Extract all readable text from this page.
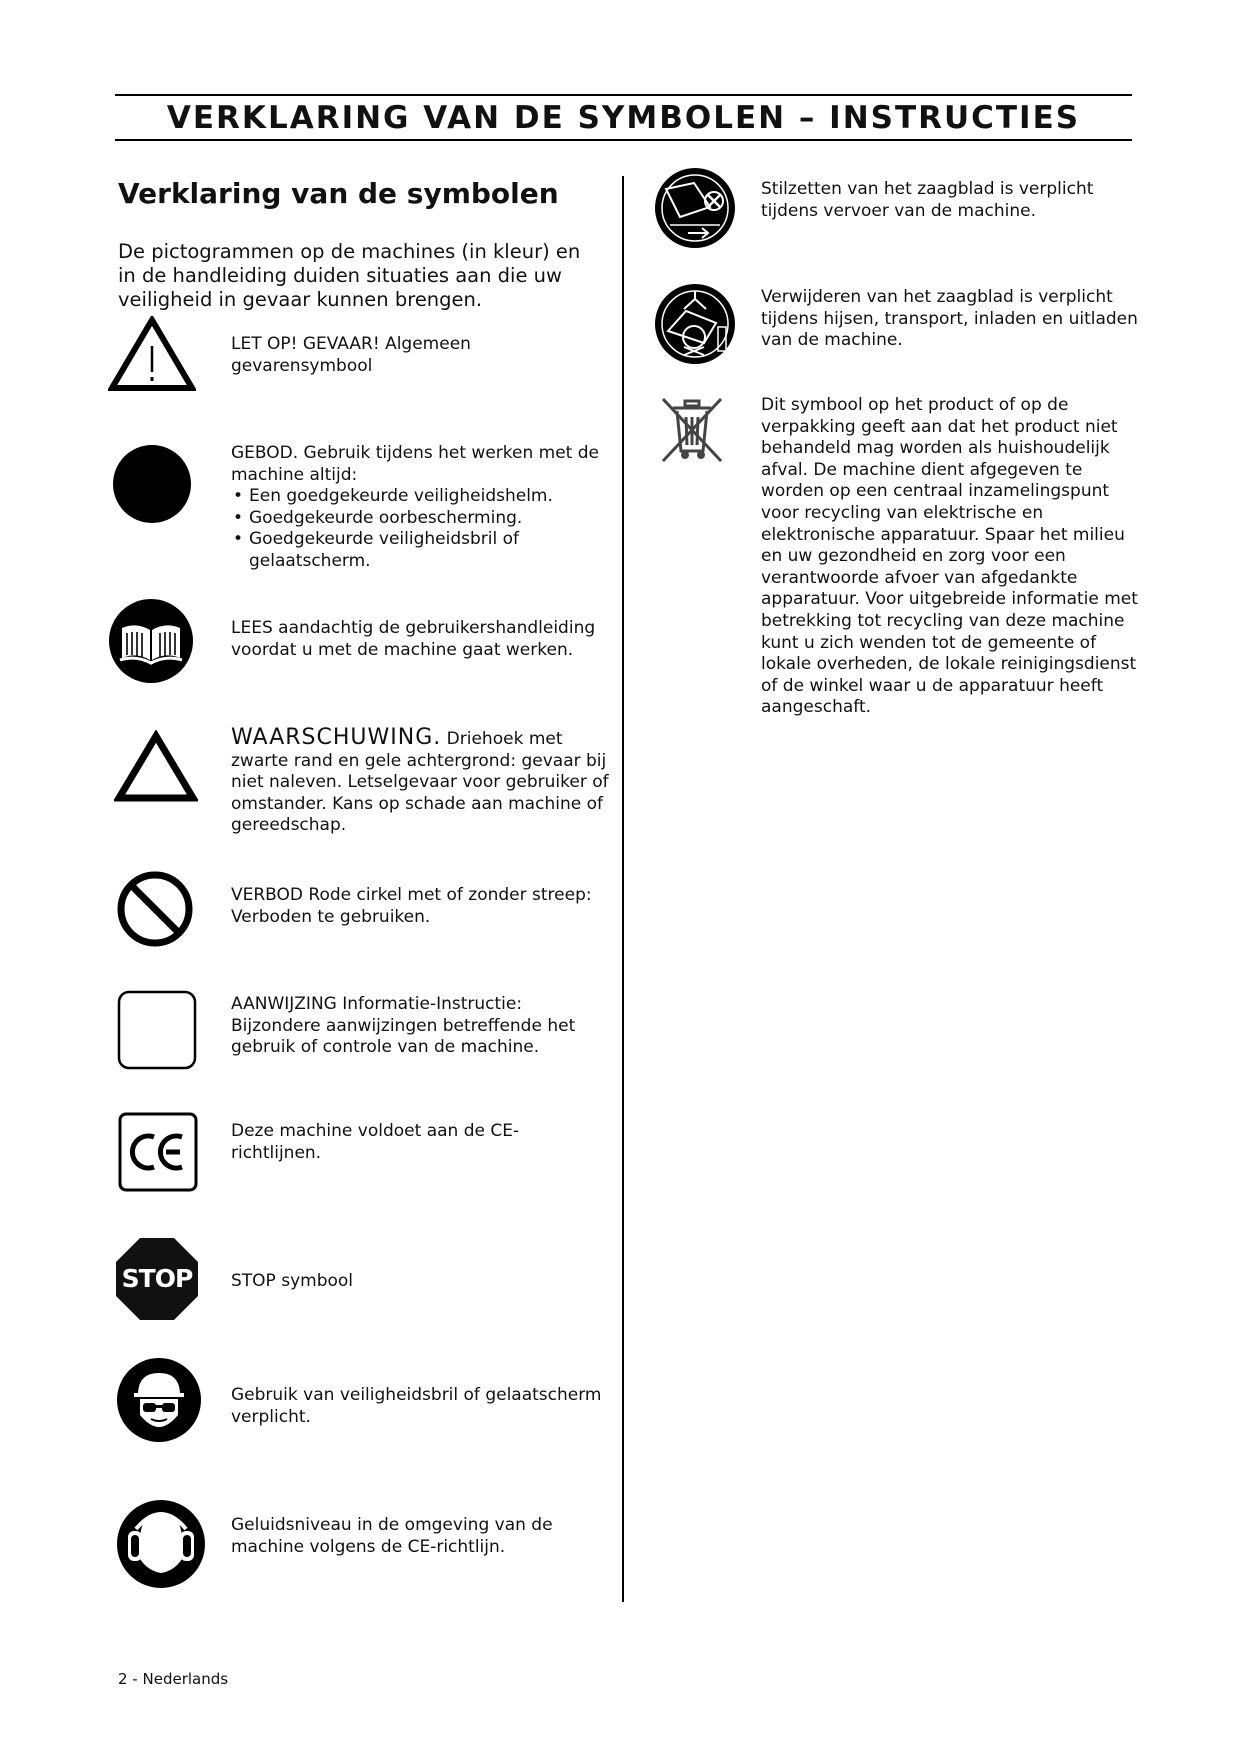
VERKLARING VAN DE SYMBOLEN – INSTRUCTIES
Verklaring van de symbolen

De pictogrammen op de machines (in kleur) en in de handleiding duiden situaties aan die uw veiligheid in gevaar kunnen brengen.

LET OP! GEVAAR! Algemeen gevarensymbool

GEBOD. Gebruik tijdens het werken met de machine altijd:

• Een goedgekeurde veiligheidshelm.
• Goedgekeurde oorbescherming.
• Goedgekeurde veiligheidsbril of gelaatscherm.

LEES aandachtig de gebruikershandleiding voordat u met de machine gaat werken.

WAARSCHUWING. Driehoek met zwarte rand en gele achtergrond: gevaar bij niet naleven. Letselgevaar voor gebruiker of omstander. Kans op schade aan machine of gereedschap.

VERBOD Rode cirkel met of zonder streep: Verboden te gebruiken.

AANWIJZING Informatie-Instructie: Bijzondere aanwijzingen betreffende het gebruik of controle van de machine.

Deze machine voldoet aan de CE-richtlijnen.

STOP	STOP symbool

Gebruik van veiligheidsbril of gelaatscherm verplicht.

Geluidsniveau in de omgeving van de machine volgens de CE-richtlijn.

Stilzetten van het zaagblad is verplicht tijdens vervoer van de machine.

Verwijderen van het zaagblad is verplicht tijdens hijsen, transport, inladen en uitladen van de machine.

Dit symbool op het product of op de verpakking geeft aan dat het product niet behandeld mag worden als huishoudelijk afval. De machine dient afgegeven te worden op een centraal inzamelingspunt voor recycling van elektrische en elektronische apparatuur. Spaar het milieu en uw gezondheid en zorg voor een verantwoorde afvoer van afgedankte apparatuur. Voor uitgebreide informatie met betrekking tot recycling van deze machine kunt u zich wenden tot de gemeente of lokale overheden, de lokale reinigingsdienst of de winkel waar u de apparatuur heeft aangeschaft.

2 - Nederlands
